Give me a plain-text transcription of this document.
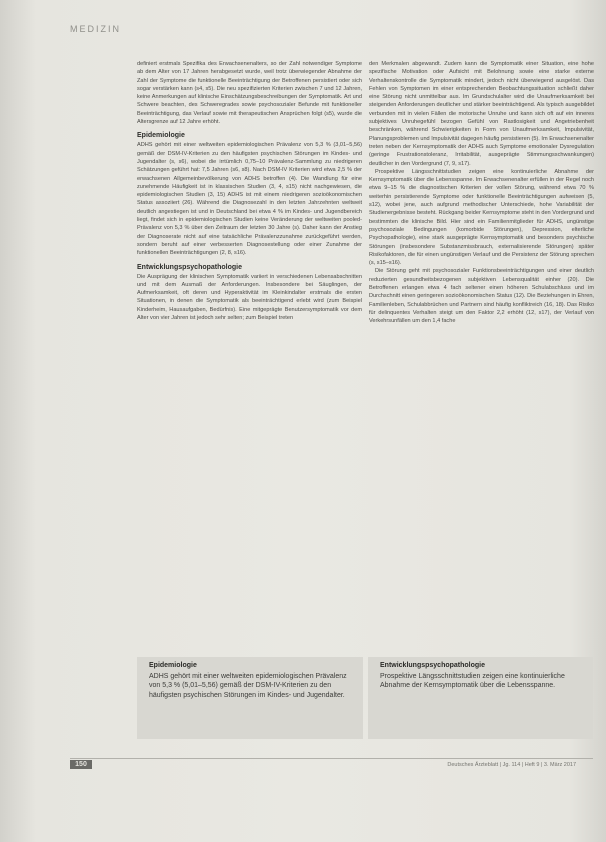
MEDIZIN

definiert erstmals Spezifika des Erwachsenenalters, so der Zahl notwendiger Symptome ab dem Alter von 17 Jahren herabgesetzt wurde, weil trotz überwiegender Abnahme der Zahl der Symptome die funktionelle Beeinträchtigung der Betroffenen persistiert oder sich sogar verstärken kann (s4, s5). Die neu spezifizierten Kriterien zwischen 7 und 12 Jahren, keine Anmerkungen auf klinische Einschätzungsbeschreibungen der Symptomatik. Art und Schwere beachten, des Schweregrades sowie psychosozialer Befunde mit funktioneller Beeinträchtigung, das Verlauf sowie mit therapeutischen Ansprüchen folgt (s5), wurde die Altersgrenze auf 12 Jahre erhöht.

Epidemiologie

ADHS gehört mit einer weltweiten epidemiologischen Prävalenz von 5,3 % (3,01–5,56) gemäß der DSM-IV-Kriterien zu den häufigsten psychischen Störungen im Kindes- und Jugendalter (s, s6), wobei die irrtümlich 0,75–10 Prävalenz-Sammlung zu niedrigeren Schätzungen geführt hat: 7,5 Jahren (s6, s8). Nach DSM-IV Kriterien wird etwa 2,5 % der erwachsenen Allgemeinbevölkerung von ADHS betroffen (4). Die Wandlung für eine zunehmende Häufigkeit ist in klassischen Studien (3, 4, s15) nicht nachgewiesen, die epidemiologischen Studien (3, 15) ADHS ist mit einem niedrigeren sozioökonomischen Status assoziiert (26). Während die Diagnosezahl in den letzten Jahrzehnten weltweit deutlich angestiegen ist und in Deutschland bei etwa 4 % im Kindes- und Jugendbereich liegt, findet sich in epidemiologischen Studien keine Veränderung der weltweiten pooled-Prävalenz von 5,3 % über den Zeitraum der letzten 30 Jahre (s). Daher kann der Anstieg der Diagnoserate nicht auf eine tatsächliche Prävalenzzunahme zurückgeführt werden, sondern beruht auf einer verbesserten Diagnosestellung oder einer Zunahme der funktionellen Beeinträchtigungen (2, 8, s16).

Entwicklungspsychopathologie

Die Ausprägung der klinischen Symptomatik variiert in verschiedenen Lebensabschnitten und mit dem Ausmaß der Anforderungen. Insbesondere bei Säuglingen, der Aufmerksamkeit, oft deren und Hyperaktivität im Kleinkindalter erstmals die ersten Situationen, in denen die Symptomatik als beeinträchtigend erlebt wird (zum Beispiel Kinderheim, Hausaufgaben, Bedürfnis). Eine mitgeprägte Benutzersymptomatik vor dem Alter von vier Jahren ist jedoch sehr selten; zum Beispiel treten

den Merkmalen abgewandt. Zudem kann die Symptomatik einer Situation, eine hohe spezifische Motivation oder Aufsicht mit Belohnung sowie eine starke externe Verhaltenskontrolle die Symptomatik mindert, jedoch nicht überwiegend ausgelöst. Das Fehlen von Symptomen im einer entsprechenden Beobachtungssituation schließt daher eine Störung nicht unmittelbar aus. Im Grundschulalter wird die Unaufmerksamkeit bei steigenden Anforderungen deutlicher und stärker beeinträchtigend. Als typisch ausgebildet verbunden mit in vielen Fällen die motorische Unruhe und kann sich oft auf ein inneres subjektives Unruhegefühl bezogen Gefühl von Rastlosigkeit und Angetriebenheit beschränken, während Schwierigkeiten in Form von Unaufmerksamkeit, Impulsivität, Planungsproblemen und Impulsivität dagegen häufig persistieren (5). Im Erwachsenenalter treten neben der Kernsymptomatik der ADHS auch Symptome emotionaler Dysregulation (geringe Frustrationstoleranz, Irritabilität, ausgeprägte Stimmungsschwankungen) deutlicher in den Vordergrund (7, 9, s17).

Prospektive Längsschnittstudien zeigen eine kontinuierliche Abnahme der Kernsymptomatik über die Lebensspanne. Im Erwachsenenalter erfüllen in der Regel noch etwa 9–15 % die diagnostischen Kriterien der vollen Störung, während etwa 70 % weiterhin persistierende Symptome oder funktionelle Beeinträchtigungen aufweisen (5, s12), wobei jene, auch aufgrund methodischer Unterschiede, hohe Variabilität der Studienergebnisse besteht. Rückgang beider Kernsymptome steht in den Vordergrund und bestimmten die klinische Bild. Hier sind ein Familienmitglieder für ADHS, ungünstige psychosoziale Bedingungen (komorbide Störungen), Depression, elterliche Psychopathologie), eine stark ausgeprägte Kernsymptomatik und besonders psychische Störungen (insbesondere Substanzmissbrauch, externalisierende Störungen) später Risikofaktoren, die für einen ungünstigen Verlauf und die Persistenz der Störung sprechen (s, s15–s16).

Die Störung geht mit psychosozialer Funktionsbeeinträchtigungen und einer deutlich reduzierten gesundheitsbezogenen subjektiven Lebensqualität einher (20). Die Betroffenen erlangen etwa 4 fach seltener einen höheren Schulabschluss und im Durchschnitt einen geringeren sozioökonomischen Status (12). Die Beziehungen in Ehren, Familienleben, Schulabbrüchen und Partnern sind häufig konfliktreich (16, 18). Das Risiko für delinquentes Verhalten steigt um den Faktor 2,2 erhöht (12, s17), der Verlauf von Verkehrsunfällen um den 1,4 fache

Epidemiologie

ADHS gehört mit einer weltweiten epidemiologischen Prävalenz von 5,3 % (5,01–5,56) gemäß der DSM-IV-Kriterien zu den häufigsten psychischen Störungen im Kindes- und Jugendalter.

Entwicklungspsychopathologie

Prospektive Längsschnittstudien zeigen eine kontinuierliche Abnahme der Kernsymptomatik über die Lebensspanne.

150	Deutsches Ärzteblatt | Jg. 114 | Heft 9 | 3. März 2017
